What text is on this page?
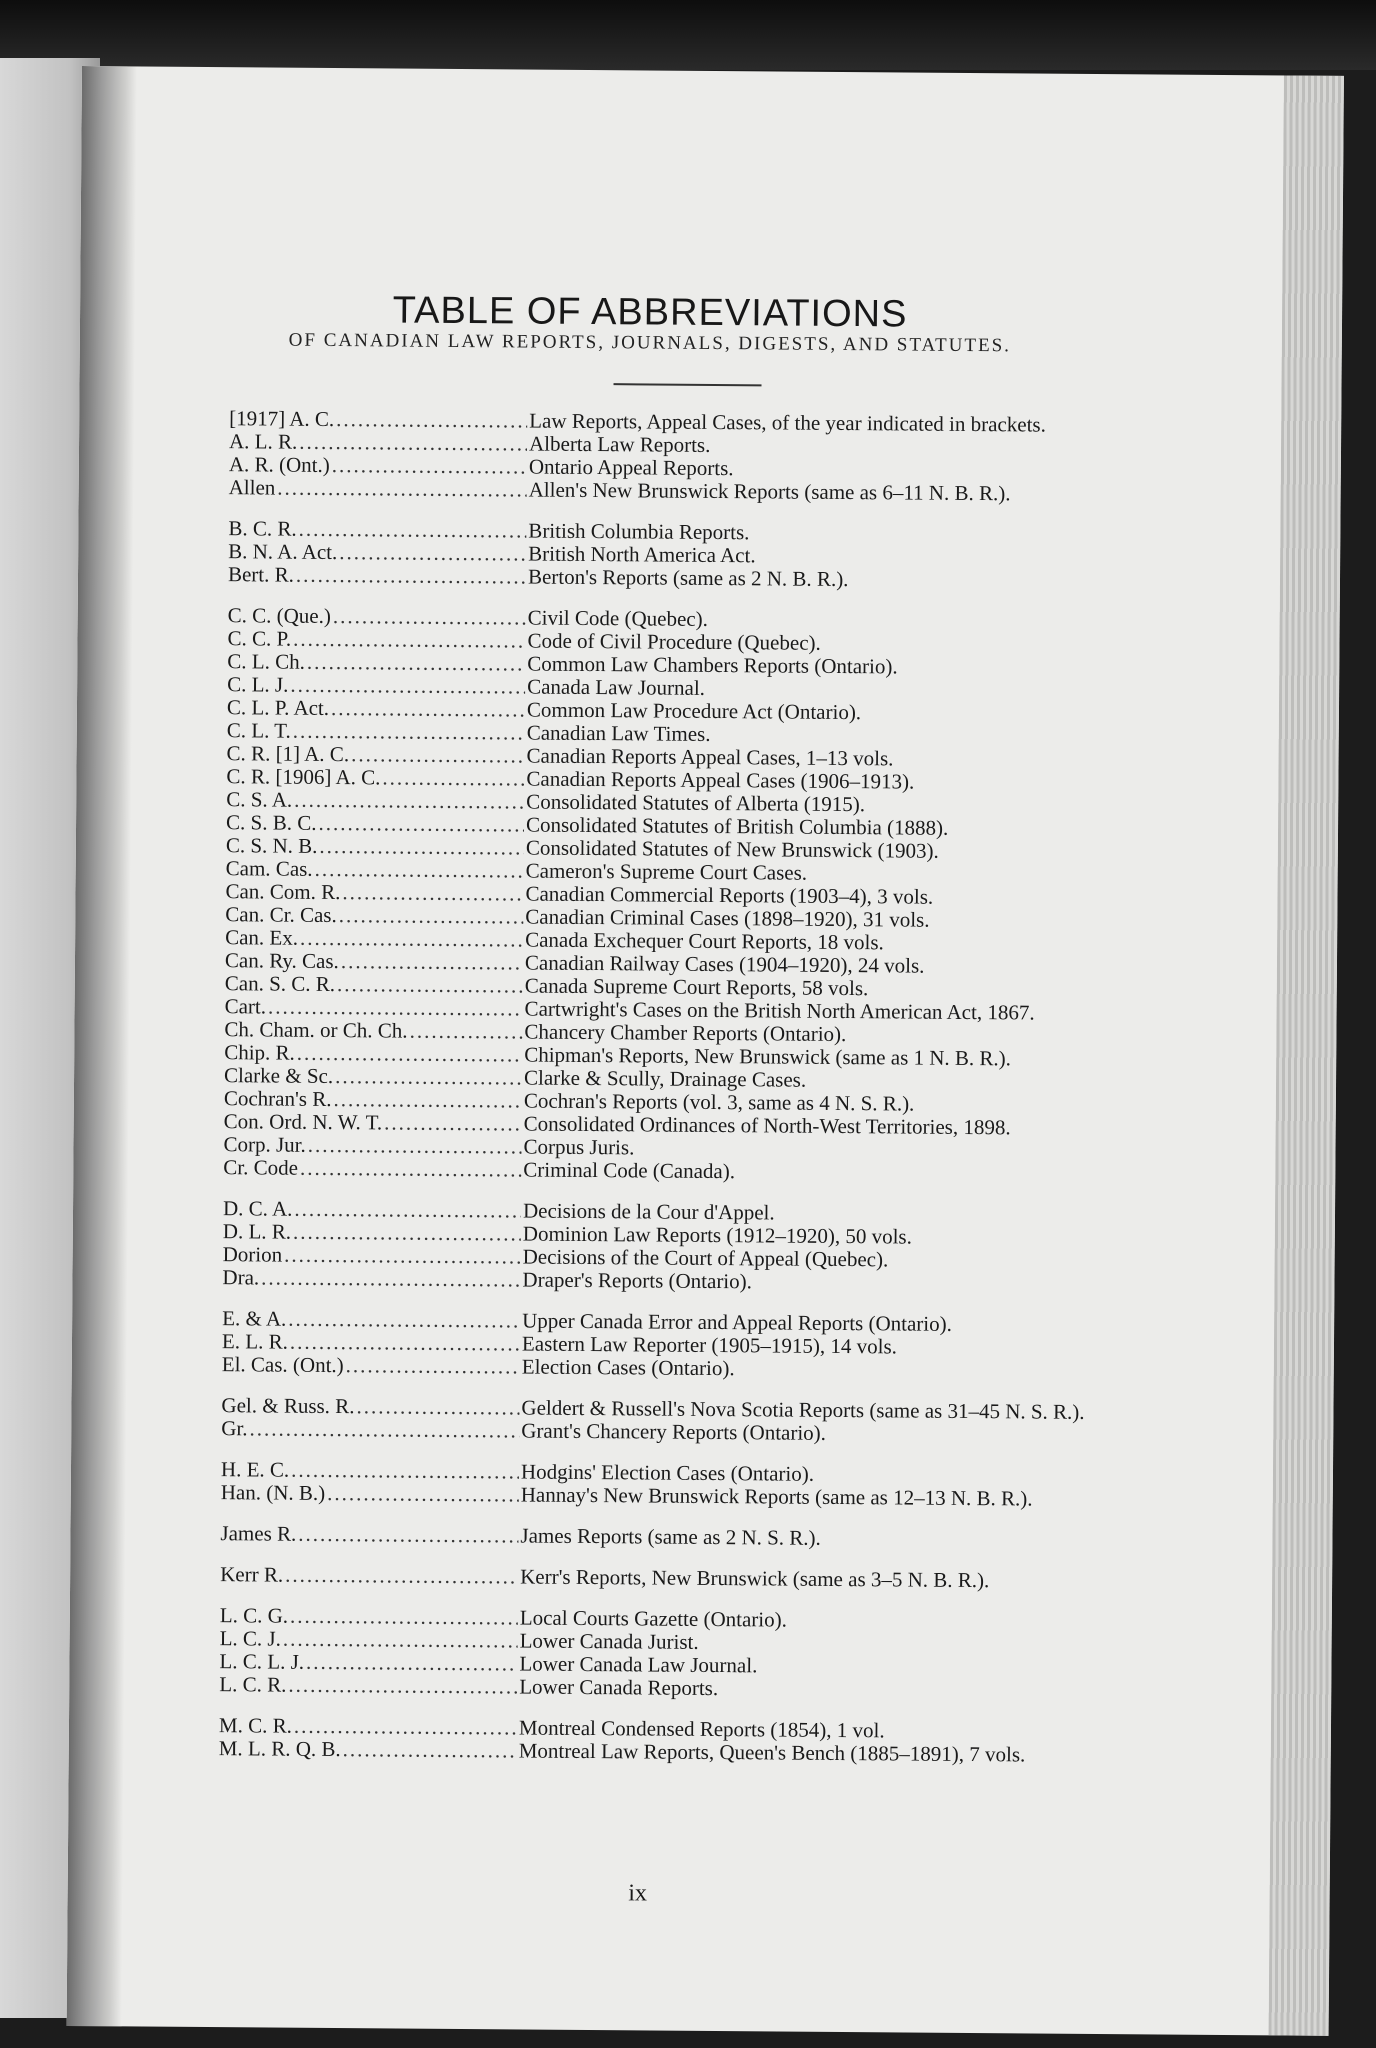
TABLE OF ABBREVIATIONS
OF CANADIAN LAW REPORTS, JOURNALS, DIGESTS, AND STATUTES.
[1917] A. C. .....	Law Reports, Appeal Cases, of the year indicated in brackets.
A. L. R. .....	Alberta Law Reports.
A. R. (Ont.) .....	Ontario Appeal Reports.
Allen .....	Allen's New Brunswick Reports (same as 6–11 N. B. R.).
B. C. R. .....	British Columbia Reports.
B. N. A. Act. .....	British North America Act.
Bert. R. .....	Berton's Reports (same as 2 N. B. R.).
C. C. (Que.) .....	Civil Code (Quebec).
C. C. P. .....	Code of Civil Procedure (Quebec).
C. L. Ch. .....	Common Law Chambers Reports (Ontario).
C. L. J. .....	Canada Law Journal.
C. L. P. Act. .....	Common Law Procedure Act (Ontario).
C. L. T. .....	Canadian Law Times.
C. R. [1] A. C. .....	Canadian Reports Appeal Cases, 1–13 vols.
C. R. [1906] A. C. .....	Canadian Reports Appeal Cases (1906–1913).
C. S. A. .....	Consolidated Statutes of Alberta (1915).
C. S. B. C. .....	Consolidated Statutes of British Columbia (1888).
C. S. N. B. .....	Consolidated Statutes of New Brunswick (1903).
Cam. Cas. .....	Cameron's Supreme Court Cases.
Can. Com. R. .....	Canadian Commercial Reports (1903–4), 3 vols.
Can. Cr. Cas. .....	Canadian Criminal Cases (1898–1920), 31 vols.
Can. Ex. .....	Canada Exchequer Court Reports, 18 vols.
Can. Ry. Cas. .....	Canadian Railway Cases (1904–1920), 24 vols.
Can. S. C. R. .....	Canada Supreme Court Reports, 58 vols.
Cart. .....	Cartwright's Cases on the British North American Act, 1867.
Ch. Cham. or Ch. Ch. .....	Chancery Chamber Reports (Ontario).
Chip. R. .....	Chipman's Reports, New Brunswick (same as 1 N. B. R.).
Clarke & Sc. .....	Clarke & Scully, Drainage Cases.
Cochran's R. .....	Cochran's Reports (vol. 3, same as 4 N. S. R.).
Con. Ord. N. W. T. .....	Consolidated Ordinances of North-West Territories, 1898.
Corp. Jur. .....	Corpus Juris.
Cr. Code .....	Criminal Code (Canada).
D. C. A. .....	Decisions de la Cour d'Appel.
D. L. R. .....	Dominion Law Reports (1912–1920), 50 vols.
Dorion .....	Decisions of the Court of Appeal (Quebec).
Dra. .....	Draper's Reports (Ontario).
E. & A. .....	Upper Canada Error and Appeal Reports (Ontario).
E. L. R. .....	Eastern Law Reporter (1905–1915), 14 vols.
El. Cas. (Ont.) .....	Election Cases (Ontario).
Gel. & Russ. R. .....	Geldert & Russell's Nova Scotia Reports (same as 31–45 N. S. R.).
Gr. .....	Grant's Chancery Reports (Ontario).
H. E. C. .....	Hodgins' Election Cases (Ontario).
Han. (N. B.) .....	Hannay's New Brunswick Reports (same as 12–13 N. B. R.).
James R. .....	James Reports (same as 2 N. S. R.).
Kerr R. .....	Kerr's Reports, New Brunswick (same as 3–5 N. B. R.).
L. C. G. .....	Local Courts Gazette (Ontario).
L. C. J. .....	Lower Canada Jurist.
L. C. L. J. .....	Lower Canada Law Journal.
L. C. R. .....	Lower Canada Reports.
M. C. R. .....	Montreal Condensed Reports (1854), 1 vol.
M. L. R. Q. B. .....	Montreal Law Reports, Queen's Bench (1885–1891), 7 vols.
ix
